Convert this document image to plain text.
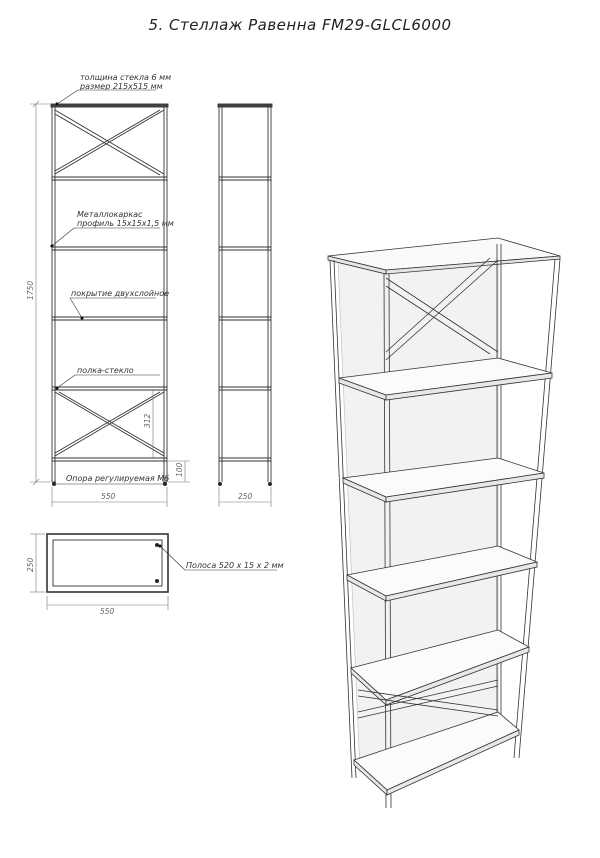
5. Стеллаж Равенна FM29-GLCL6000
толщина стекла 6 мм
размер 215x515 мм
Металлокаркас
профиль 15x15x1,5 мм
покрытие двухслойное
полка-стекло
Опора регулируемая М6
Полоса 520 х 15 х 2 мм
1750
550	250
312
100
550
250
